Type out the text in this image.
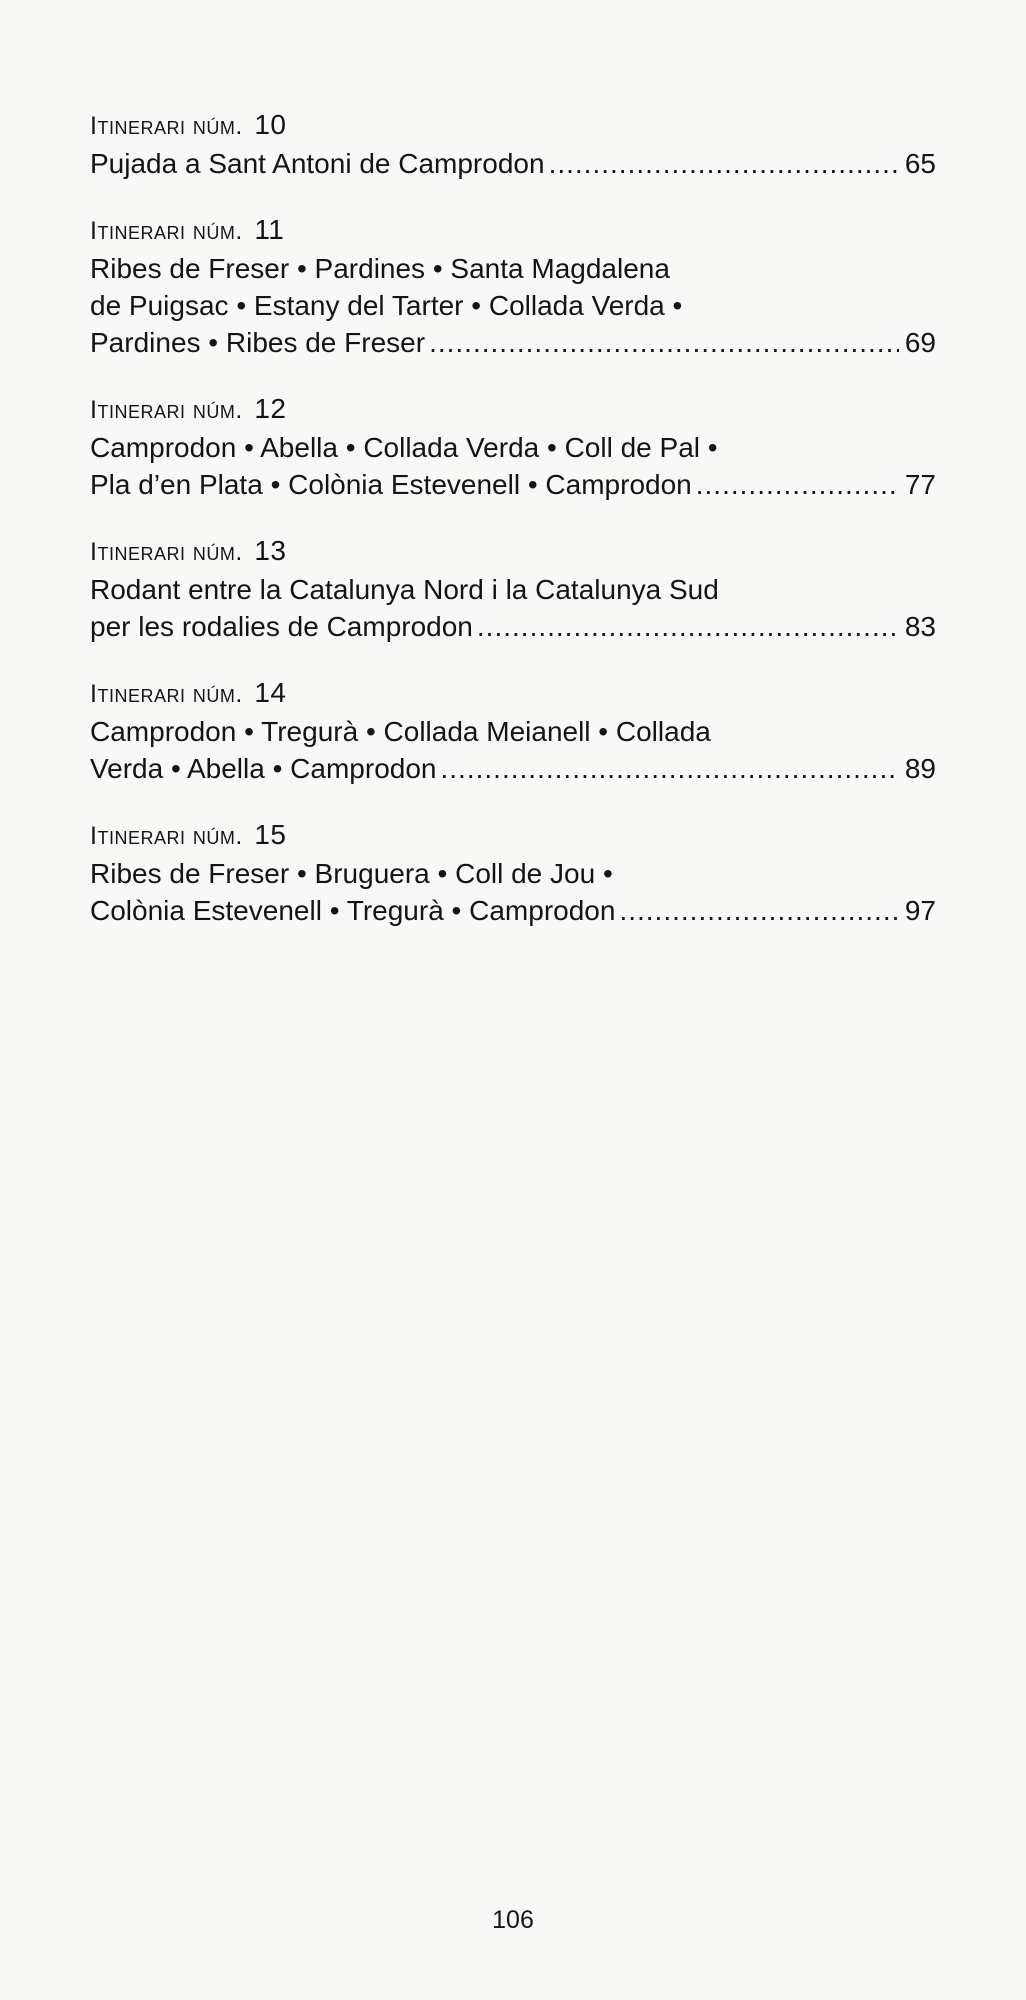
Itinerari núm. 10
Pujada a Sant Antoni de Camprodon .....	65
Itinerari núm. 11
Ribes de Freser • Pardines • Santa Magdalena
de Puigsac • Estany del Tarter • Collada Verda •
Pardines • Ribes de Freser .....	69
Itinerari núm. 12
Camprodon • Abella • Collada Verda • Coll de Pal •
Pla d’en Plata • Colònia Estevenell • Camprodon .....	77
Itinerari núm. 13
Rodant entre la Catalunya Nord i la Catalunya Sud
per les rodalies de Camprodon .....	83
Itinerari núm. 14
Camprodon • Tregurà • Collada Meianell • Collada
Verda • Abella • Camprodon .....	89
Itinerari núm. 15
Ribes de Freser • Bruguera • Coll de Jou •
Colònia Estevenell • Tregurà • Camprodon .....	97
106
